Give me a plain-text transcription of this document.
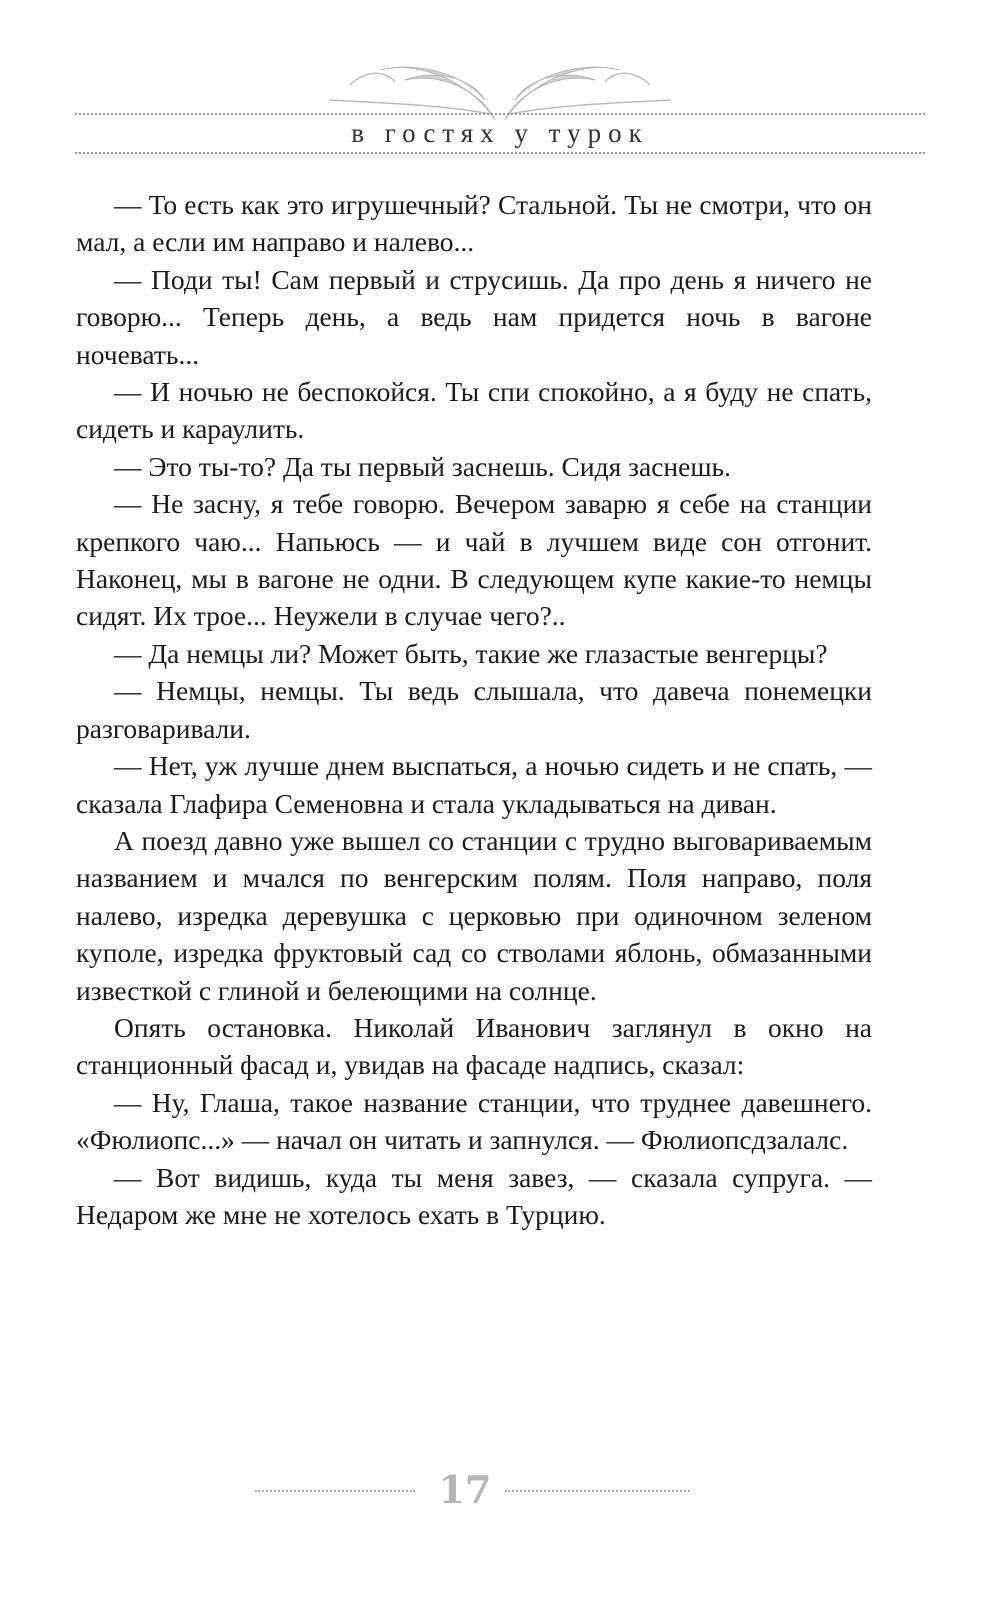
в гостях у турок

— То есть как это игрушечный? Стальной. Ты не смотри, что он мал, а если им направо и налево...

— Поди ты! Сам первый и струсишь. Да про день я ничего не говорю... Теперь день, а ведь нам придется ночь в вагоне ночевать...

— И ночью не беспокойся. Ты спи спокойно, а я буду не спать, сидеть и караулить.

— Это ты-то? Да ты первый заснешь. Сидя заснешь.

— Не засну, я тебе говорю. Вечером заварю я себе на станции крепкого чаю... Напьюсь — и чай в лучшем виде сон отгонит. Наконец, мы в вагоне не одни. В следующем купе какие-то немцы сидят. Их трое... Неужели в случае чего?..

— Да немцы ли? Может быть, такие же глазастые венгерцы?

— Немцы, немцы. Ты ведь слышала, что давеча понемецки разговаривали.

— Нет, уж лучше днем выспаться, а ночью сидеть и не спать, — сказала Глафира Семеновна и стала укладываться на диван.

А поезд давно уже вышел со станции с трудно выговариваемым названием и мчался по венгерским полям. Поля направо, поля налево, изредка деревушка с церковью при одиночном зеленом куполе, изредка фруктовый сад со стволами яблонь, обмазанными известкой с глиной и белеющими на солнце.

Опять остановка. Николай Иванович заглянул в окно на станционный фасад и, увидав на фасаде надпись, сказал:

— Ну, Глаша, такое название станции, что труднее давешнего. «Фюлиопс...» — начал он читать и запнулся. — Фюлиопсдзалалс.

— Вот видишь, куда ты меня завез, — сказала супруга. — Недаром же мне не хотелось ехать в Турцию.

17
